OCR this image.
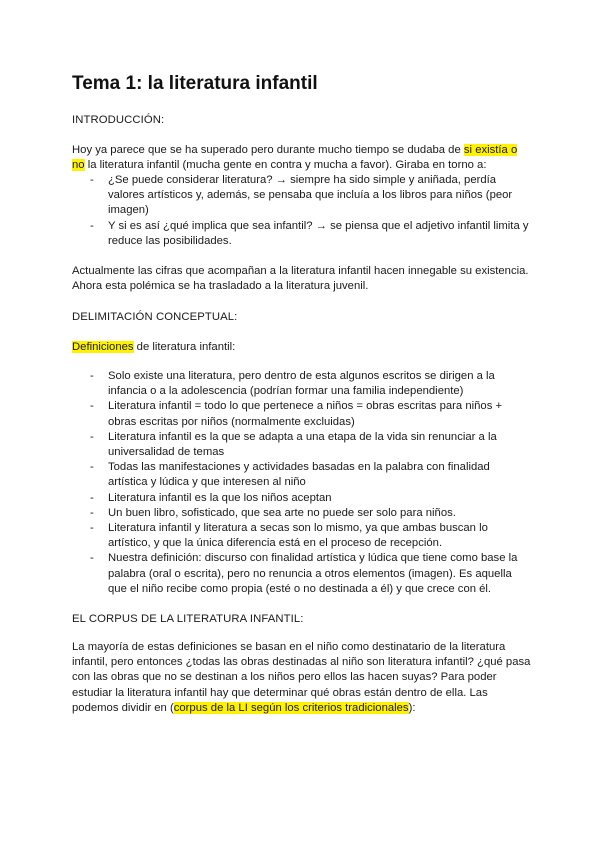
Tema 1: la literatura infantil

INTRODUCCIÓN:

Hoy ya parece que se ha superado pero durante mucho tiempo se dudaba de si existía o no la literatura infantil (mucha gente en contra y mucha a favor). Giraba en torno a:

- ¿Se puede considerar literatura? → siempre ha sido simple y aniñada, perdía valores artísticos y, además, se pensaba que incluía a los libros para niños (peor imagen)
- Y si es así ¿qué implica que sea infantil? → se piensa que el adjetivo infantil limita y reduce las posibilidades.

Actualmente las cifras que acompañan a la literatura infantil hacen innegable su existencia. Ahora esta polémica se ha trasladado a la literatura juvenil.

DELIMITACIÓN CONCEPTUAL:

Definiciones de literatura infantil:

- Solo existe una literatura, pero dentro de esta algunos escritos se dirigen a la infancia o a la adolescencia (podrían formar una familia independiente)
- Literatura infantil = todo lo que pertenece a niños = obras escritas para niños + obras escritas por niños (normalmente excluidas)
- Literatura infantil es la que se adapta a una etapa de la vida sin renunciar a la universalidad de temas
- Todas las manifestaciones y actividades basadas en la palabra con finalidad artística y lúdica y que interesen al niño
- Literatura infantil es la que los niños aceptan
- Un buen libro, sofisticado, que sea arte no puede ser solo para niños.
- Literatura infantil y literatura a secas son lo mismo, ya que ambas buscan lo artístico, y que la única diferencia está en el proceso de recepción.
- Nuestra definición: discurso con finalidad artística y lúdica que tiene como base la palabra (oral o escrita), pero no renuncia a otros elementos (imagen). Es aquella que el niño recibe como propia (esté o no destinada a él) y que crece con él.

EL CORPUS DE LA LITERATURA INFANTIL:

La mayoría de estas definiciones se basan en el niño como destinatario de la literatura infantil, pero entonces ¿todas las obras destinadas al niño son literatura infantil? ¿qué pasa con las obras que no se destinan a los niños pero ellos las hacen suyas? Para poder estudiar la literatura infantil hay que determinar qué obras están dentro de ella. Las podemos dividir en (corpus de la LI según los criterios tradicionales):
